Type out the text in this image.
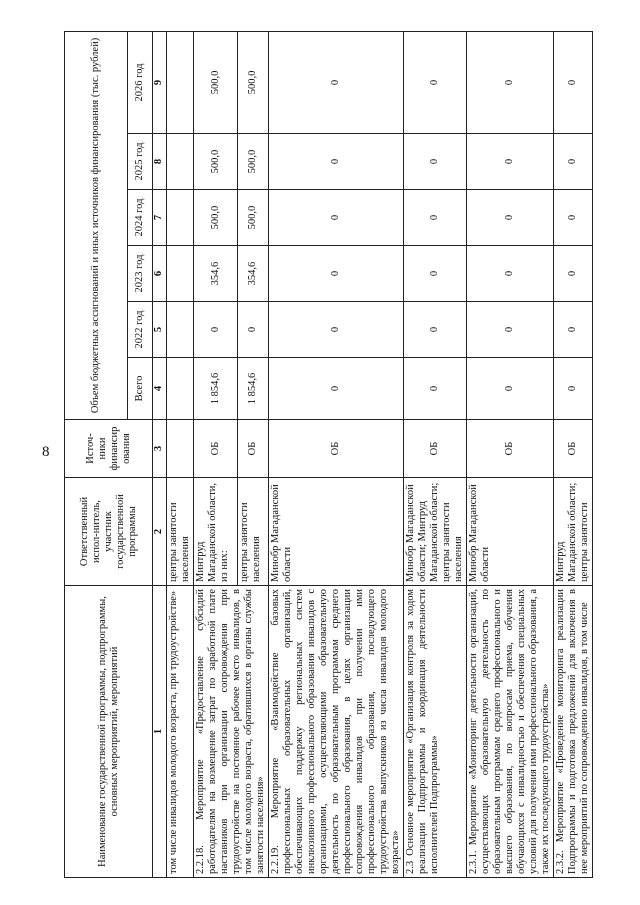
8
Наименование государственной программы, подпрограммы, основных мероприятий, мероприятий	Ответственный испол-нитель, участник государственной программы	Источ-ники финансир ования	Объем бюджетных ассигнований и иных источников финансирования (тыс. рублей)					
			Всего	2022 год	2023 год	2024 год	2025 год	2026 год
1	2	3	4	5	6	7	8	9
том числе инвалидов молодого возраста, при трудоустройстве»	центры занятости населения							
2.2.18. Мероприятие «Предоставление субсидий работодателям на возмещение затрат по заработной плате наставников при организации сопровождения при трудоустройстве на постоянное рабочее место инвалидов, в том числе молодого возраста, обратившихся в органы службы занятости населения»	Минтруд Магаданской области, из них:	ОБ	1 854,6	0	354,6	500,0	500,0	500,0
	центры занятости населения	ОБ	1 854,6	0	354,6	500,0	500,0	500,0
2.2.19. Мероприятие «Взаимодействие базовых профессиональных образовательных организаций, обеспечивающих поддержку региональных систем инклюзивного профессионального образования инвалидов с организациями, осуществляющими образовательную деятельность по образовательным программам среднего профессионального образования, в целях организации сопровождения инвалидов при получении ими профессионального образования, последующего трудоустройства выпускников из числа инвалидов молодого возраста»	Минобр Магаданской области	ОБ	0	0	0	0	0	0
2.3 Основное мероприятие «Организация контроля за ходом реализации Подпрограммы и координация деятельности исполнителей Подпрограммы»	Минобр Магаданской области; Минтруд Магаданской области; центры занятости населения	ОБ	0	0	0	0	0	0
2.3.1. Мероприятие «Мониторинг деятельности организаций, осуществляющих образовательную деятельность по образовательным программам среднего профессионального и высшего образования, по вопросам приема, обучения обучающихся с инвалидностью и обеспечения специальных условий для получения ими профессионального образования, а также их последующего трудоустройства»	Минобр Магаданской области	ОБ	0	0	0	0	0	0
2.3.2. Мероприятие «Проведение мониторинга реализации Подпрограммы и подготовка предложений для включения в нее мероприятий по сопровождению инвалидов, в том числе	Минтруд Магаданской области; центры занятости	ОБ	0	0	0	0	0	0
